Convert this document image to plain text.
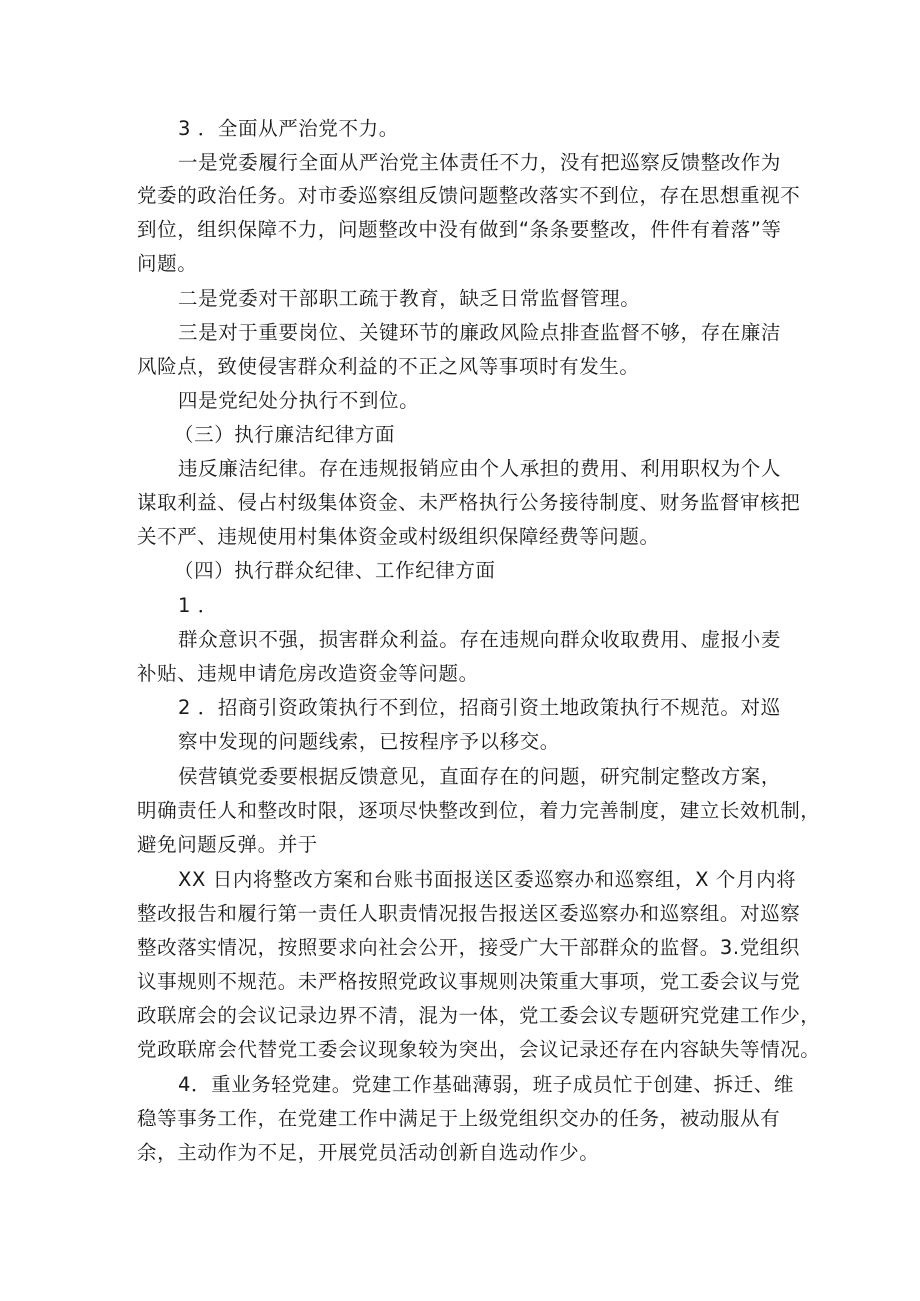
3 ．全面从严治党不力。
一是党委履行全面从严治党主体责任不力，没有把巡察反馈整改作为
党委的政治任务。对市委巡察组反馈问题整改落实不到位，存在思想重视不
到位，组织保障不力，问题整改中没有做到“条条要整改，件件有着落”等
问题。
二是党委对干部职工疏于教育，缺乏日常监督管理。
三是对于重要岗位、关键环节的廉政风险点排查监督不够，存在廉洁
风险点，致使侵害群众利益的不正之风等事项时有发生。
四是党纪处分执行不到位。
（三）执行廉洁纪律方面
违反廉洁纪律。存在违规报销应由个人承担的费用、利用职权为个人
谋取利益、侵占村级集体资金、未严格执行公务接待制度、财务监督审核把
关不严、违规使用村集体资金或村级组织保障经费等问题。
（四）执行群众纪律、工作纪律方面
1 ．
群众意识不强，损害群众利益。存在违规向群众收取费用、虚报小麦
补贴、违规申请危房改造资金等问题。
2 ．招商引资政策执行不到位，招商引资土地政策执行不规范。对巡
察中发现的问题线索，已按程序予以移交。
侯营镇党委要根据反馈意见，直面存在的问题，研究制定整改方案，
明确责任人和整改时限，逐项尽快整改到位，着力完善制度，建立长效机制，
避免问题反弹。并于
XX 日内将整改方案和台账书面报送区委巡察办和巡察组，X 个月内将
整改报告和履行第一责任人职责情况报告报送区委巡察办和巡察组。对巡察
整改落实情况，按照要求向社会公开，接受广大干部群众的监督。3.党组织
议事规则不规范。未严格按照党政议事规则决策重大事项，党工委会议与党
政联席会的会议记录边界不清，混为一体，党工委会议专题研究党建工作少，
党政联席会代替党工委会议现象较为突出，会议记录还存在内容缺失等情况。
4．重业务轻党建。党建工作基础薄弱，班子成员忙于创建、拆迁、维
稳等事务工作，在党建工作中满足于上级党组织交办的任务，被动服从有
余，主动作为不足，开展党员活动创新自选动作少。
